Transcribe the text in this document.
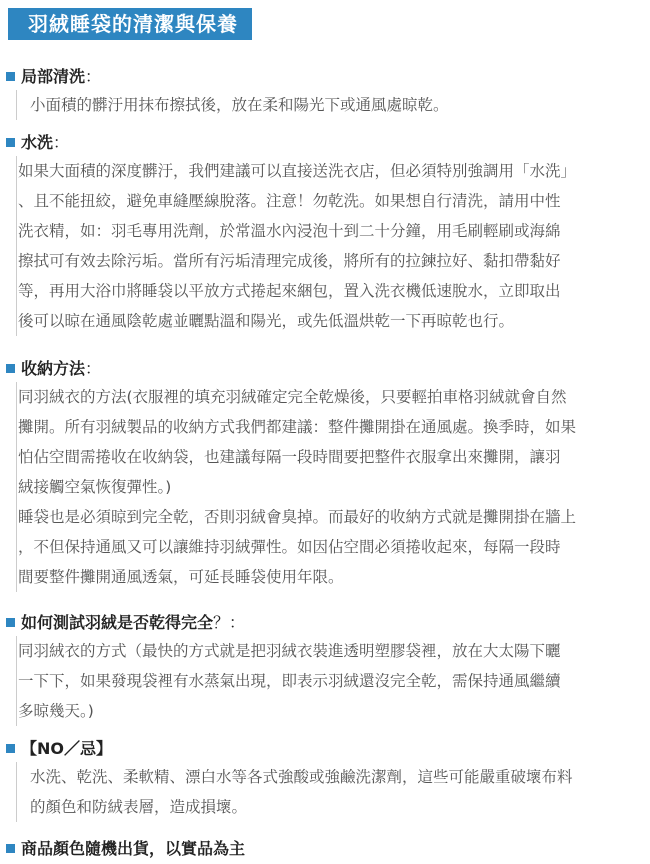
羽絨睡袋的清潔與保養
局部清洗：
小面積的髒汙用抹布擦拭後，放在柔和陽光下或通風處晾乾。
水洗：
如果大面積的深度髒汙，我們建議可以直接送洗衣店，但必須特別強調用「水洗」
、且不能扭絞，避免車縫壓線脫落。注意！勿乾洗。如果想自行清洗，請用中性
洗衣精，如：羽毛專用洗劑，於常溫水內浸泡十到二十分鐘，用毛刷輕刷或海綿
擦拭可有效去除污垢。當所有污垢清理完成後，將所有的拉鍊拉好、黏扣帶黏好
等，再用大浴巾將睡袋以平放方式捲起來綑包，置入洗衣機低速脫水，立即取出
後可以晾在通風陰乾處並曬點溫和陽光，或先低溫烘乾一下再晾乾也行。
收納方法：
同羽絨衣的方法(衣服裡的填充羽絨確定完全乾燥後，只要輕拍車格羽絨就會自然
攤開。所有羽絨製品的收納方式我們都建議：整件攤開掛在通風處。換季時，如果
怕佔空間需捲收在收納袋，也建議每隔一段時間要把整件衣服拿出來攤開，讓羽
絨接觸空氣恢復彈性。)
睡袋也是必須晾到完全乾，否則羽絨會臭掉。而最好的收納方式就是攤開掛在牆上
，不但保持通風又可以讓維持羽絨彈性。如因佔空間必須捲收起來，每隔一段時
間要整件攤開通風透氣，可延長睡袋使用年限。
如何測試羽絨是否乾得完全？：
同羽絨衣的方式（最快的方式就是把羽絨衣裝進透明塑膠袋裡，放在大太陽下曬
一下下，如果發現袋裡有水蒸氣出現，即表示羽絨還沒完全乾，需保持通風繼續
多晾幾天。)
【NO／忌】
水洗、乾洗、柔軟精、漂白水等各式強酸或強鹼洗潔劑，這些可能嚴重破壞布料
的顏色和防絨表層，造成損壞。
商品顏色隨機出貨，以實品為主
